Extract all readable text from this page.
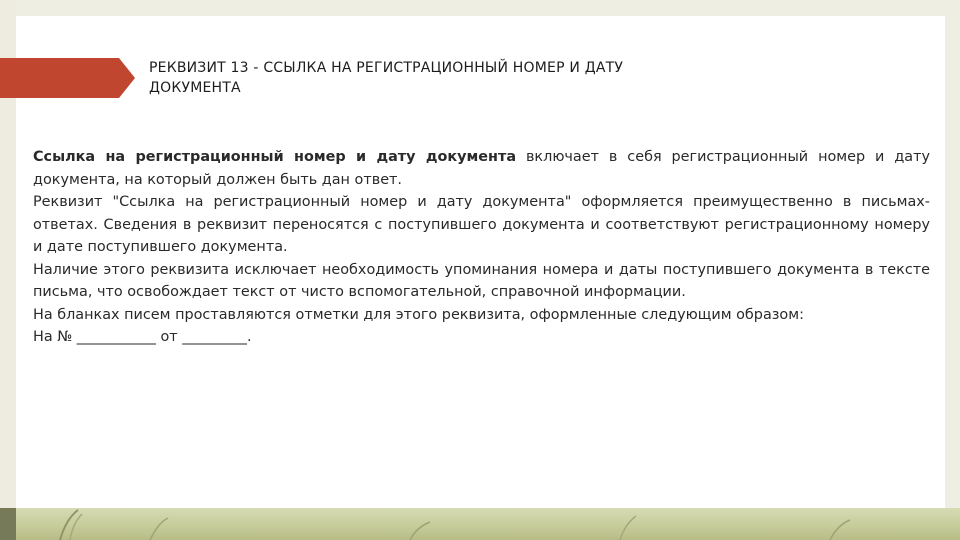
РЕКВИЗИТ 13 - ССЫЛКА НА РЕГИСТРАЦИОННЫЙ НОМЕР И ДАТУ
ДОКУМЕНТА

Ссылка на регистрационный номер и дату документа включает в себя регистрационный номер и дату документа, на который должен быть дан ответ.

Реквизит "Ссылка на регистрационный номер и дату документа" оформляется преимущественно в письмах-ответах. Сведения в реквизит переносятся с поступившего документа и соответствуют регистрационному номеру и дате поступившего документа.

Наличие этого реквизита исключает необходимость упоминания номера и даты поступившего документа в тексте письма, что освобождает текст от чисто вспомогательной, справочной информации.

На бланках писем проставляются отметки для этого реквизита, оформленные следующим образом:

На № ___________ от _________.
